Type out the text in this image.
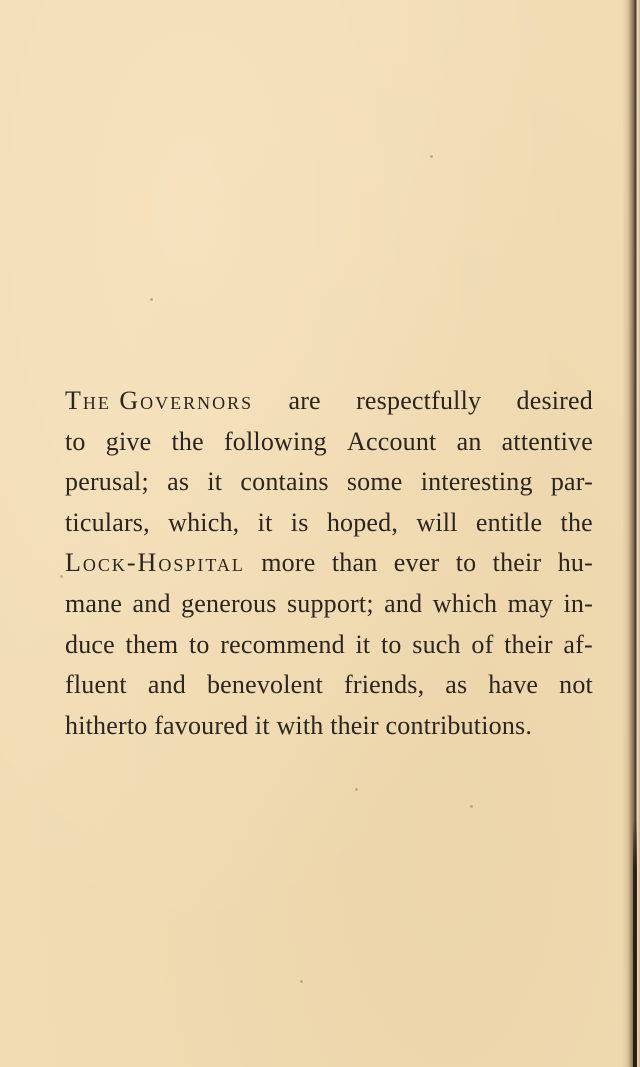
The Governors are respectfully desired
to give the following Account an attentive
perusal; as it contains some interesting par-
ticulars, which, it is hoped, will entitle the
Lock-Hospital more than ever to their hu-
mane and generous support; and which may in-
duce them to recommend it to such of their af-
fluent and benevolent friends, as have not
hitherto
favoured
it
with
their
contributions.
